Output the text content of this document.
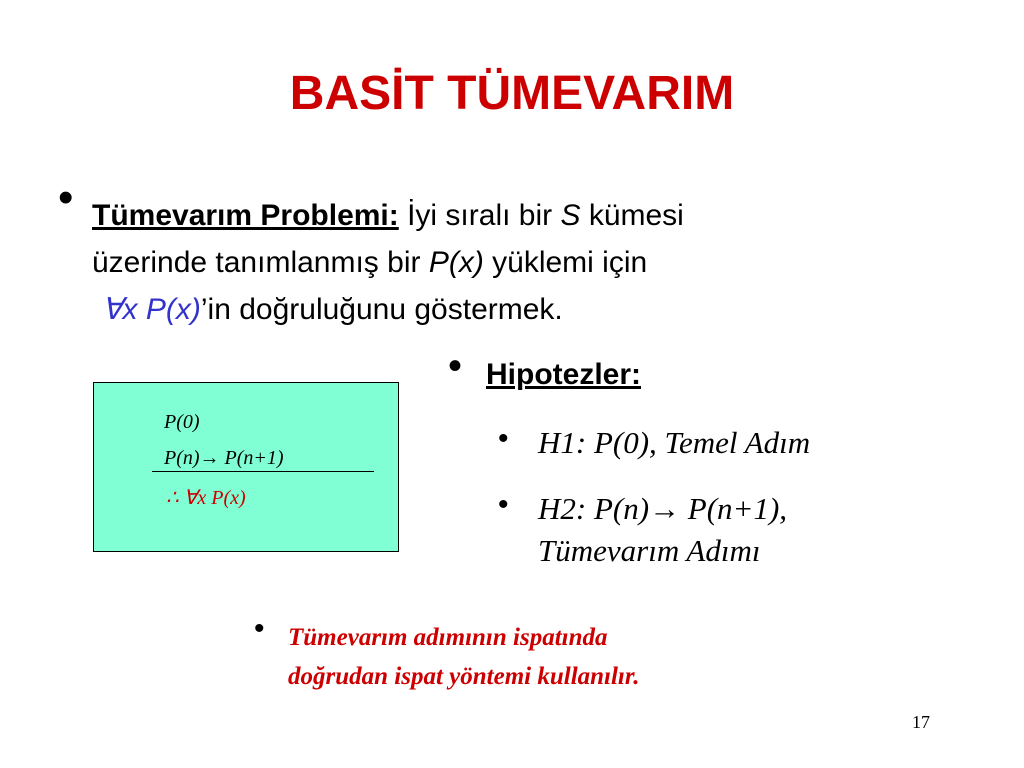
BASİT TÜMEVARIM
• Tümevarım Problemi: İyi sıralı bir S kümesi
üzerinde tanımlanmış bir P(x) yüklemi için
∀x P(x)’in doğruluğunu göstermek.
P(0)
P(n)→ P(n+1)
∴ ∀x P(x)
• Hipotezler:
• H1: P(0), Temel Adım
• H2: P(n)→ P(n+1),
Tümevarım Adımı
• Tümevarım adımının ispatında
doğrudan ispat yöntemi kullanılır.
17
